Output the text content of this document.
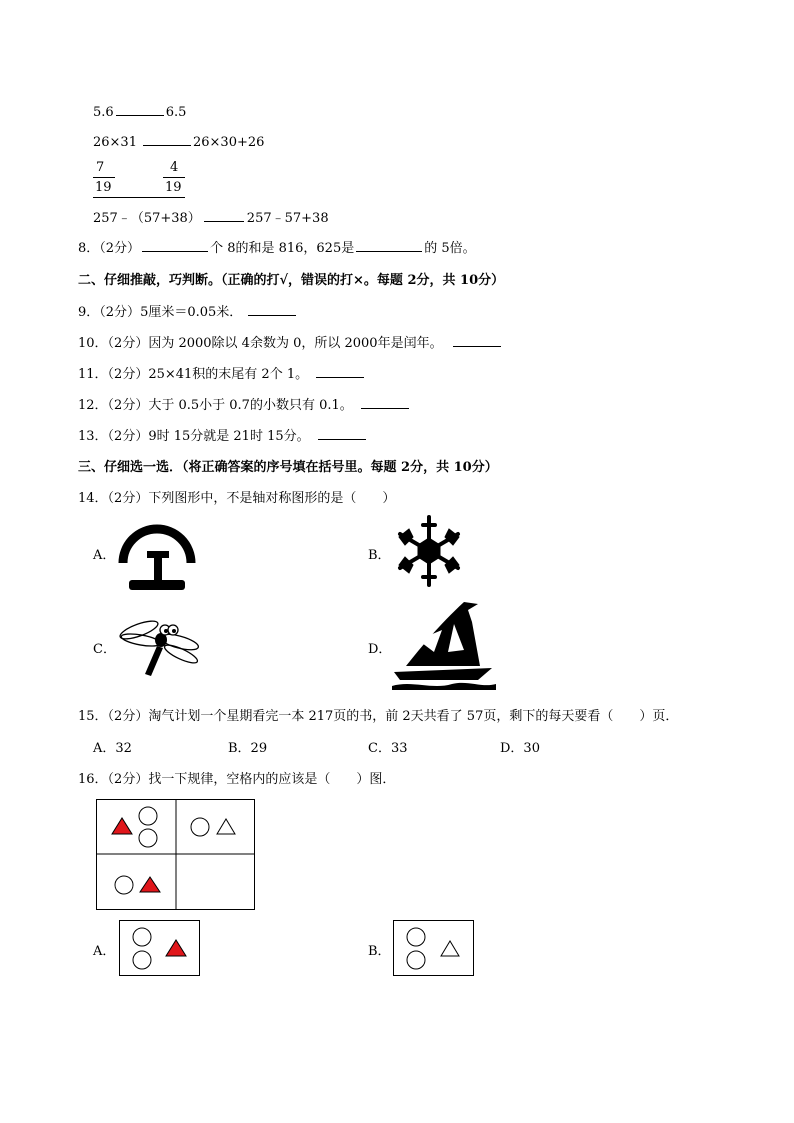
5.6	6.5
26×31	26×30+26
7
19
4
19
257﹣（57+38）	257﹣57+38
8．（2分）	个 8的和是 816，625是	的 5倍。
二、仔细推敲，巧判断。（正确的打√，错误的打×。每题 2分，共 10分）
9．（2分）5厘米＝0.05米．
10．（2分）因为 2000除以 4余数为 0，所以 2000年是闰年。
11．（2分）25×41积的末尾有 2个 1。
12．（2分）大于 0.5小于 0.7的小数只有 0.1。
13．（2分）9时 15分就是 21时 15分。
三、仔细选一选．（将正确答案的序号填在括号里。每题 2分，共 10分）
14．（2分）下列图形中，不是轴对称图形的是（　　）
A．	B．
C．	D．
15．（2分）淘气计划一个星期看完一本 217页的书，前 2天共看了 57页，剩下的每天要看（　　）页．
A．32	B．29	C．33	D．30
16．（2分）找一下规律，空格内的应该是（　　）图．
A．	B．
